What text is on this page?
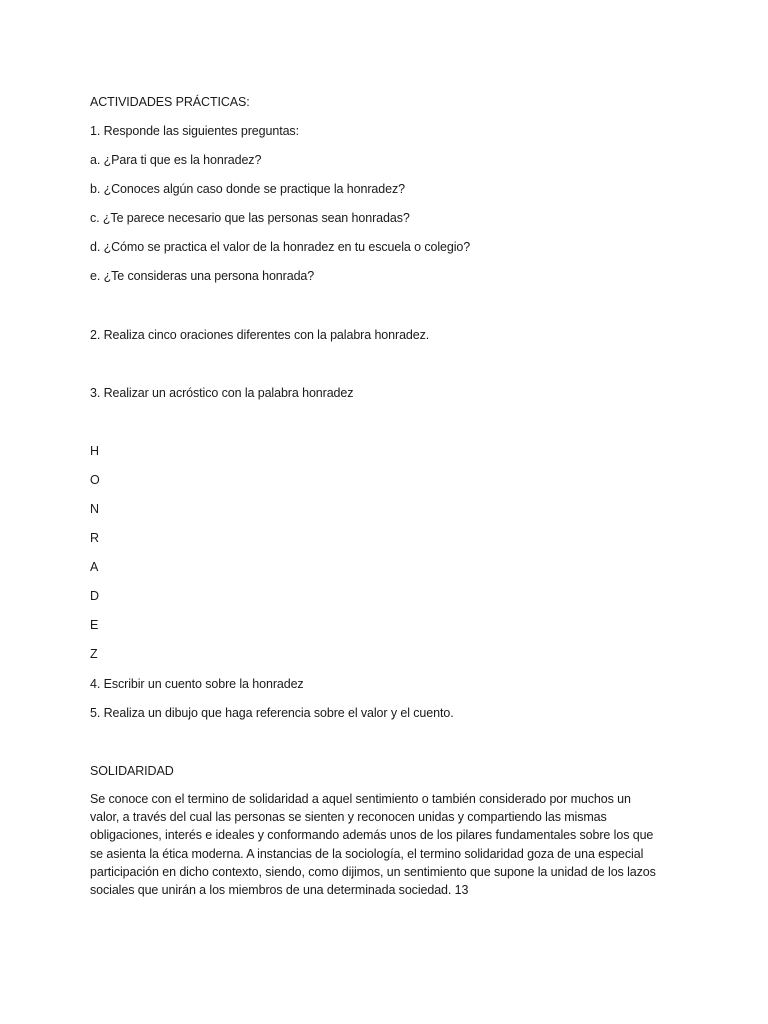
ACTIVIDADES PRÁCTICAS:
1. Responde las siguientes preguntas:
a. ¿Para ti que es la honradez?
b. ¿Conoces algún caso donde se practique la honradez?
c. ¿Te parece necesario que las personas sean honradas?
d. ¿Cómo se practica el valor de la honradez en tu escuela o colegio?
e. ¿Te consideras una persona honrada?
2. Realiza cinco oraciones diferentes con la palabra honradez.
3. Realizar un acróstico con la palabra honradez
H
O
N
R
A
D
E
Z
4. Escribir un cuento sobre la honradez
5. Realiza un dibujo que haga referencia sobre el valor y el cuento.
SOLIDARIDAD
Se conoce con el termino de solidaridad a aquel sentimiento o también considerado por muchos un
valor, a través del cual las personas se sienten y reconocen unidas y compartiendo las mismas
obligaciones, interés e ideales y conformando además unos de los pilares fundamentales sobre los que
se asienta la ética moderna. A instancias de la sociología, el termino solidaridad goza de una especial
participación en dicho contexto, siendo, como dijimos, un sentimiento que supone la unidad de los lazos
sociales que unirán a los miembros de una determinada sociedad. 13
